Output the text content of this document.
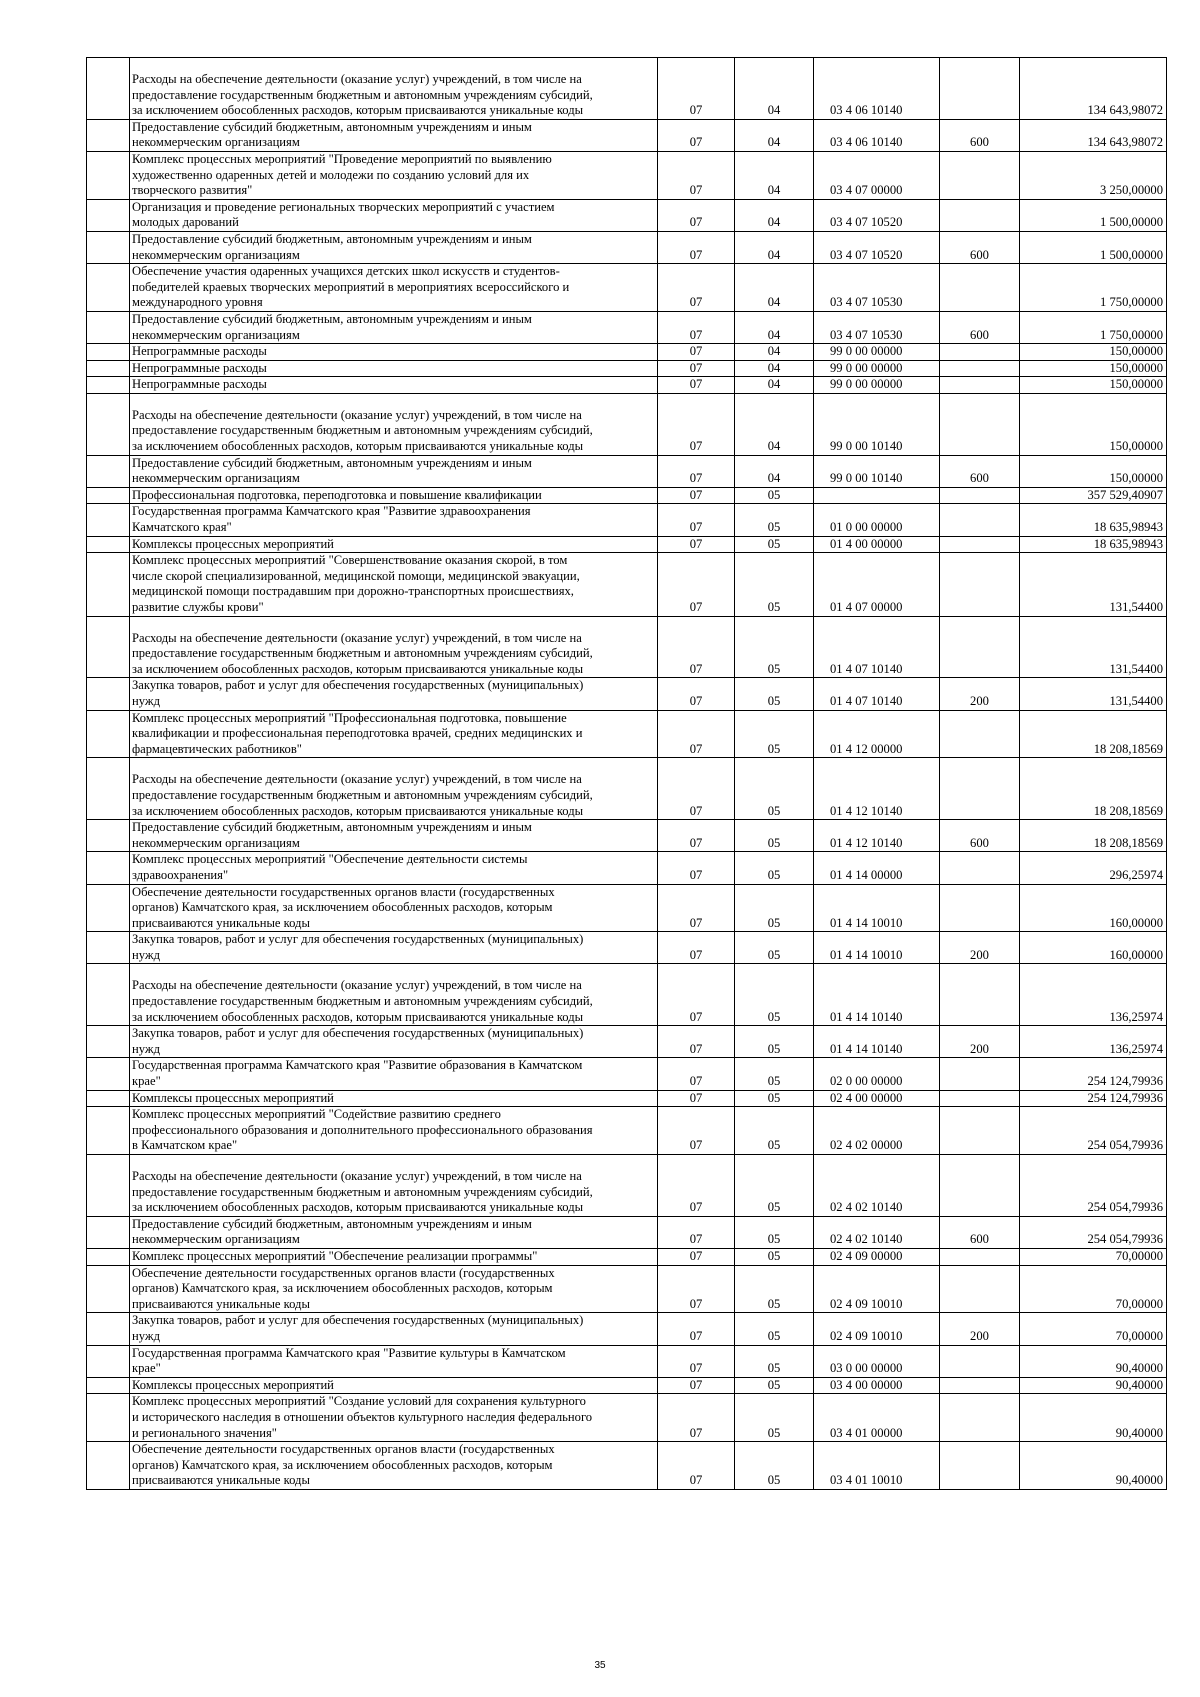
	Расходы на обеспечение деятельности (оказание услуг) учреждений, в том числе на
предоставление государственным бюджетным и автономным учреждениям субсидий,
за исключением обособленных расходов, которым присваиваются уникальные коды	07	04	03 4 06 10140		134 643,98072
	Предоставление субсидий бюджетным, автономным учреждениям и иным
некоммерческим организациям	07	04	03 4 06 10140	600	134 643,98072
	Комплекс процессных мероприятий "Проведение мероприятий по выявлению
художественно одаренных детей и молодежи по созданию условий для их
творческого развития"	07	04	03 4 07 00000		3 250,00000
	Организация и проведение региональных творческих мероприятий с участием
молодых дарований	07	04	03 4 07 10520		1 500,00000
	Предоставление субсидий бюджетным, автономным учреждениям и иным
некоммерческим организациям	07	04	03 4 07 10520	600	1 500,00000
	Обеспечение участия одаренных учащихся детских школ искусств и студентов-
победителей краевых творческих мероприятий в мероприятиях всероссийского и
международного уровня	07	04	03 4 07 10530		1 750,00000
	Предоставление субсидий бюджетным, автономным учреждениям и иным
некоммерческим организациям	07	04	03 4 07 10530	600	1 750,00000
	Непрограммные расходы	07	04	99 0 00 00000		150,00000
	Непрограммные расходы	07	04	99 0 00 00000		150,00000
	Непрограммные расходы	07	04	99 0 00 00000		150,00000
	Расходы на обеспечение деятельности (оказание услуг) учреждений, в том числе на
предоставление государственным бюджетным и автономным учреждениям субсидий,
за исключением обособленных расходов, которым присваиваются уникальные коды	07	04	99 0 00 10140		150,00000
	Предоставление субсидий бюджетным, автономным учреждениям и иным
некоммерческим организациям	07	04	99 0 00 10140	600	150,00000
	Профессиональная подготовка, переподготовка и повышение квалификации	07	05			357 529,40907
	Государственная программа Камчатского края "Развитие здравоохранения
Камчатского края"	07	05	01 0 00 00000		18 635,98943
	Комплексы процессных мероприятий	07	05	01 4 00 00000		18 635,98943
	Комплекс процессных мероприятий "Совершенствование оказания скорой, в том
числе скорой специализированной, медицинской помощи, медицинской эвакуации,
медицинской помощи пострадавшим при дорожно-транспортных происшествиях,
развитие службы крови"	07	05	01 4 07 00000		131,54400
	Расходы на обеспечение деятельности (оказание услуг) учреждений, в том числе на
предоставление государственным бюджетным и автономным учреждениям субсидий,
за исключением обособленных расходов, которым присваиваются уникальные коды	07	05	01 4 07 10140		131,54400
	Закупка товаров, работ и услуг для обеспечения государственных (муниципальных)
нужд	07	05	01 4 07 10140	200	131,54400
	Комплекс процессных мероприятий "Профессиональная подготовка, повышение
квалификации и профессиональная переподготовка врачей, средних медицинских и
фармацевтических работников"	07	05	01 4 12 00000		18 208,18569
	Расходы на обеспечение деятельности (оказание услуг) учреждений, в том числе на
предоставление государственным бюджетным и автономным учреждениям субсидий,
за исключением обособленных расходов, которым присваиваются уникальные коды	07	05	01 4 12 10140		18 208,18569
	Предоставление субсидий бюджетным, автономным учреждениям и иным
некоммерческим организациям	07	05	01 4 12 10140	600	18 208,18569
	Комплекс процессных мероприятий "Обеспечение деятельности системы
здравоохранения"	07	05	01 4 14 00000		296,25974
	Обеспечение деятельности государственных органов власти (государственных
органов) Камчатского края, за исключением обособленных расходов, которым
присваиваются уникальные коды	07	05	01 4 14 10010		160,00000
	Закупка товаров, работ и услуг для обеспечения государственных (муниципальных)
нужд	07	05	01 4 14 10010	200	160,00000
	Расходы на обеспечение деятельности (оказание услуг) учреждений, в том числе на
предоставление государственным бюджетным и автономным учреждениям субсидий,
за исключением обособленных расходов, которым присваиваются уникальные коды	07	05	01 4 14 10140		136,25974
	Закупка товаров, работ и услуг для обеспечения государственных (муниципальных)
нужд	07	05	01 4 14 10140	200	136,25974
	Государственная программа Камчатского края "Развитие образования в Камчатском
крае"	07	05	02 0 00 00000		254 124,79936
	Комплексы процессных мероприятий	07	05	02 4 00 00000		254 124,79936
	Комплекс процессных мероприятий "Содействие развитию среднего
профессионального образования и дополнительного профессионального образования
в Камчатском крае"	07	05	02 4 02 00000		254 054,79936
	Расходы на обеспечение деятельности (оказание услуг) учреждений, в том числе на
предоставление государственным бюджетным и автономным учреждениям субсидий,
за исключением обособленных расходов, которым присваиваются уникальные коды	07	05	02 4 02 10140		254 054,79936
	Предоставление субсидий бюджетным, автономным учреждениям и иным
некоммерческим организациям	07	05	02 4 02 10140	600	254 054,79936
	Комплекс процессных мероприятий "Обеспечение реализации программы"	07	05	02 4 09 00000		70,00000
	Обеспечение деятельности государственных органов власти (государственных
органов) Камчатского края, за исключением обособленных расходов, которым
присваиваются уникальные коды	07	05	02 4 09 10010		70,00000
	Закупка товаров, работ и услуг для обеспечения государственных (муниципальных)
нужд	07	05	02 4 09 10010	200	70,00000
	Государственная программа Камчатского края "Развитие культуры в Камчатском
крае"	07	05	03 0 00 00000		90,40000
	Комплексы процессных мероприятий	07	05	03 4 00 00000		90,40000
	Комплекс процессных мероприятий "Создание условий для сохранения культурного
и исторического наследия в отношении объектов культурного наследия федерального
и регионального значения"	07	05	03 4 01 00000		90,40000
	Обеспечение деятельности государственных органов власти (государственных
органов) Камчатского края, за исключением обособленных расходов, которым
присваиваются уникальные коды	07	05	03 4 01 10010		90,40000
35
